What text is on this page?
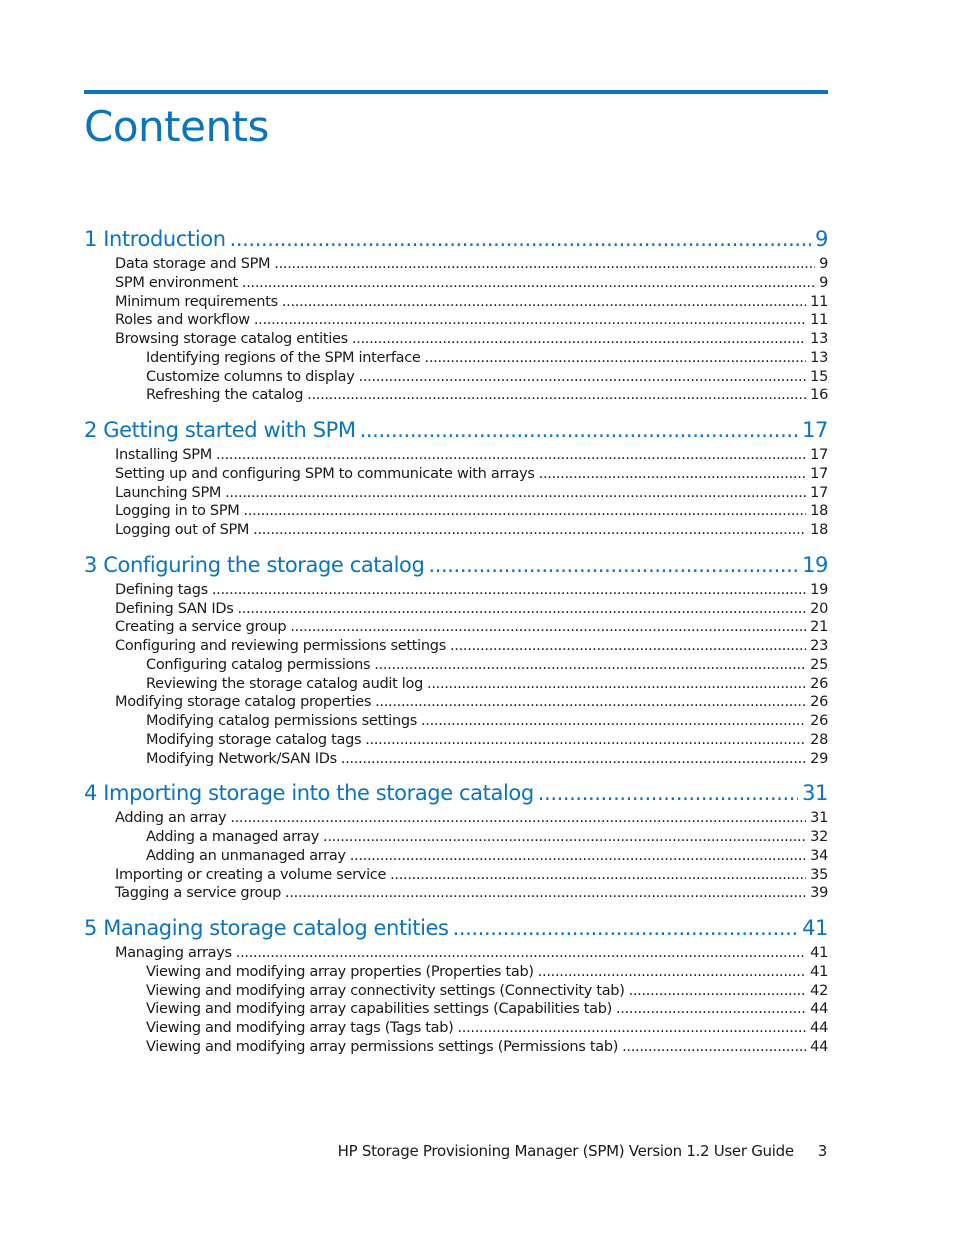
Contents
1 Introduction .....	9
Data storage and SPM .....	9
SPM environment .....	9
Minimum requirements .....	11
Roles and workflow .....	11
Browsing storage catalog entities .....	13
Identifying regions of the SPM interface .....	13
Customize columns to display .....	15
Refreshing the catalog .....	16
2 Getting started with SPM .....	17
Installing SPM .....	17
Setting up and configuring SPM to communicate with arrays .....	17
Launching SPM .....	17
Logging in to SPM .....	18
Logging out of SPM .....	18
3 Configuring the storage catalog .....	19
Defining tags .....	19
Defining SAN IDs .....	20
Creating a service group .....	21
Configuring and reviewing permissions settings .....	23
Configuring catalog permissions .....	25
Reviewing the storage catalog audit log .....	26
Modifying storage catalog properties .....	26
Modifying catalog permissions settings .....	26
Modifying storage catalog tags .....	28
Modifying Network/SAN IDs .....	29
4 Importing storage into the storage catalog .....	31
Adding an array .....	31
Adding a managed array .....	32
Adding an unmanaged array .....	34
Importing or creating a volume service .....	35
Tagging a service group .....	39
5 Managing storage catalog entities .....	41
Managing arrays .....	41
Viewing and modifying array properties (Properties tab) .....	41
Viewing and modifying array connectivity settings (Connectivity tab) .....	42
Viewing and modifying array capabilities settings (Capabilities tab) .....	44
Viewing and modifying array tags (Tags tab) .....	44
Viewing and modifying array permissions settings (Permissions tab) .....	44
HP Storage Provisioning Manager (SPM) Version 1.2 User Guide 3
